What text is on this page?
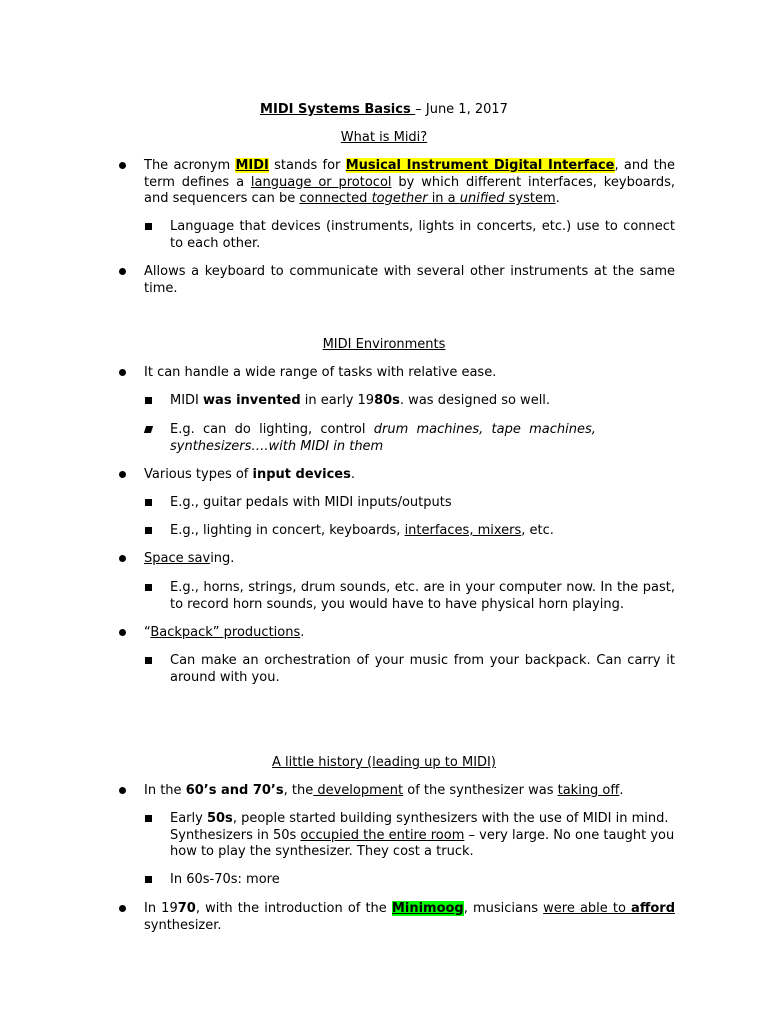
MIDI Systems Basics – June 1, 2017
What is Midi?
The acronym MIDI stands for Musical Instrument Digital Interface, and the term defines a language or protocol by which different interfaces, keyboards, and sequencers can be connected together in a unified system.
Language that devices (instruments, lights in concerts, etc.) use to connect to each other.
Allows a keyboard to communicate with several other instruments at the same time.
MIDI Environments
It can handle a wide range of tasks with relative ease.
MIDI was invented in early 1980s. was designed so well.
E.g.  can  do  lighting,  control  drum  machines,  tape  machines, synthesizers….with MIDI in them
Various types of input devices.
E.g., guitar pedals with MIDI inputs/outputs
E.g., lighting in concert, keyboards, interfaces, mixers, etc.
Space saving.
E.g., horns, strings, drum sounds, etc. are in your computer now. In the past, to record horn sounds, you would have to have physical horn playing.
“Backpack” productions.
Can make an orchestration of your music from your backpack. Can carry it around with you.
A little history (leading up to MIDI)
In the 60’s and 70’s, the development of the synthesizer was taking off.
Early 50s, people started building synthesizers with the use of MIDI in mind. Synthesizers in 50s occupied the entire room – very large. No one taught you how to play the synthesizer. They cost a truck.
In 60s-70s: more
In 1970, with the introduction of the Minimoog, musicians were able to afford synthesizer.
